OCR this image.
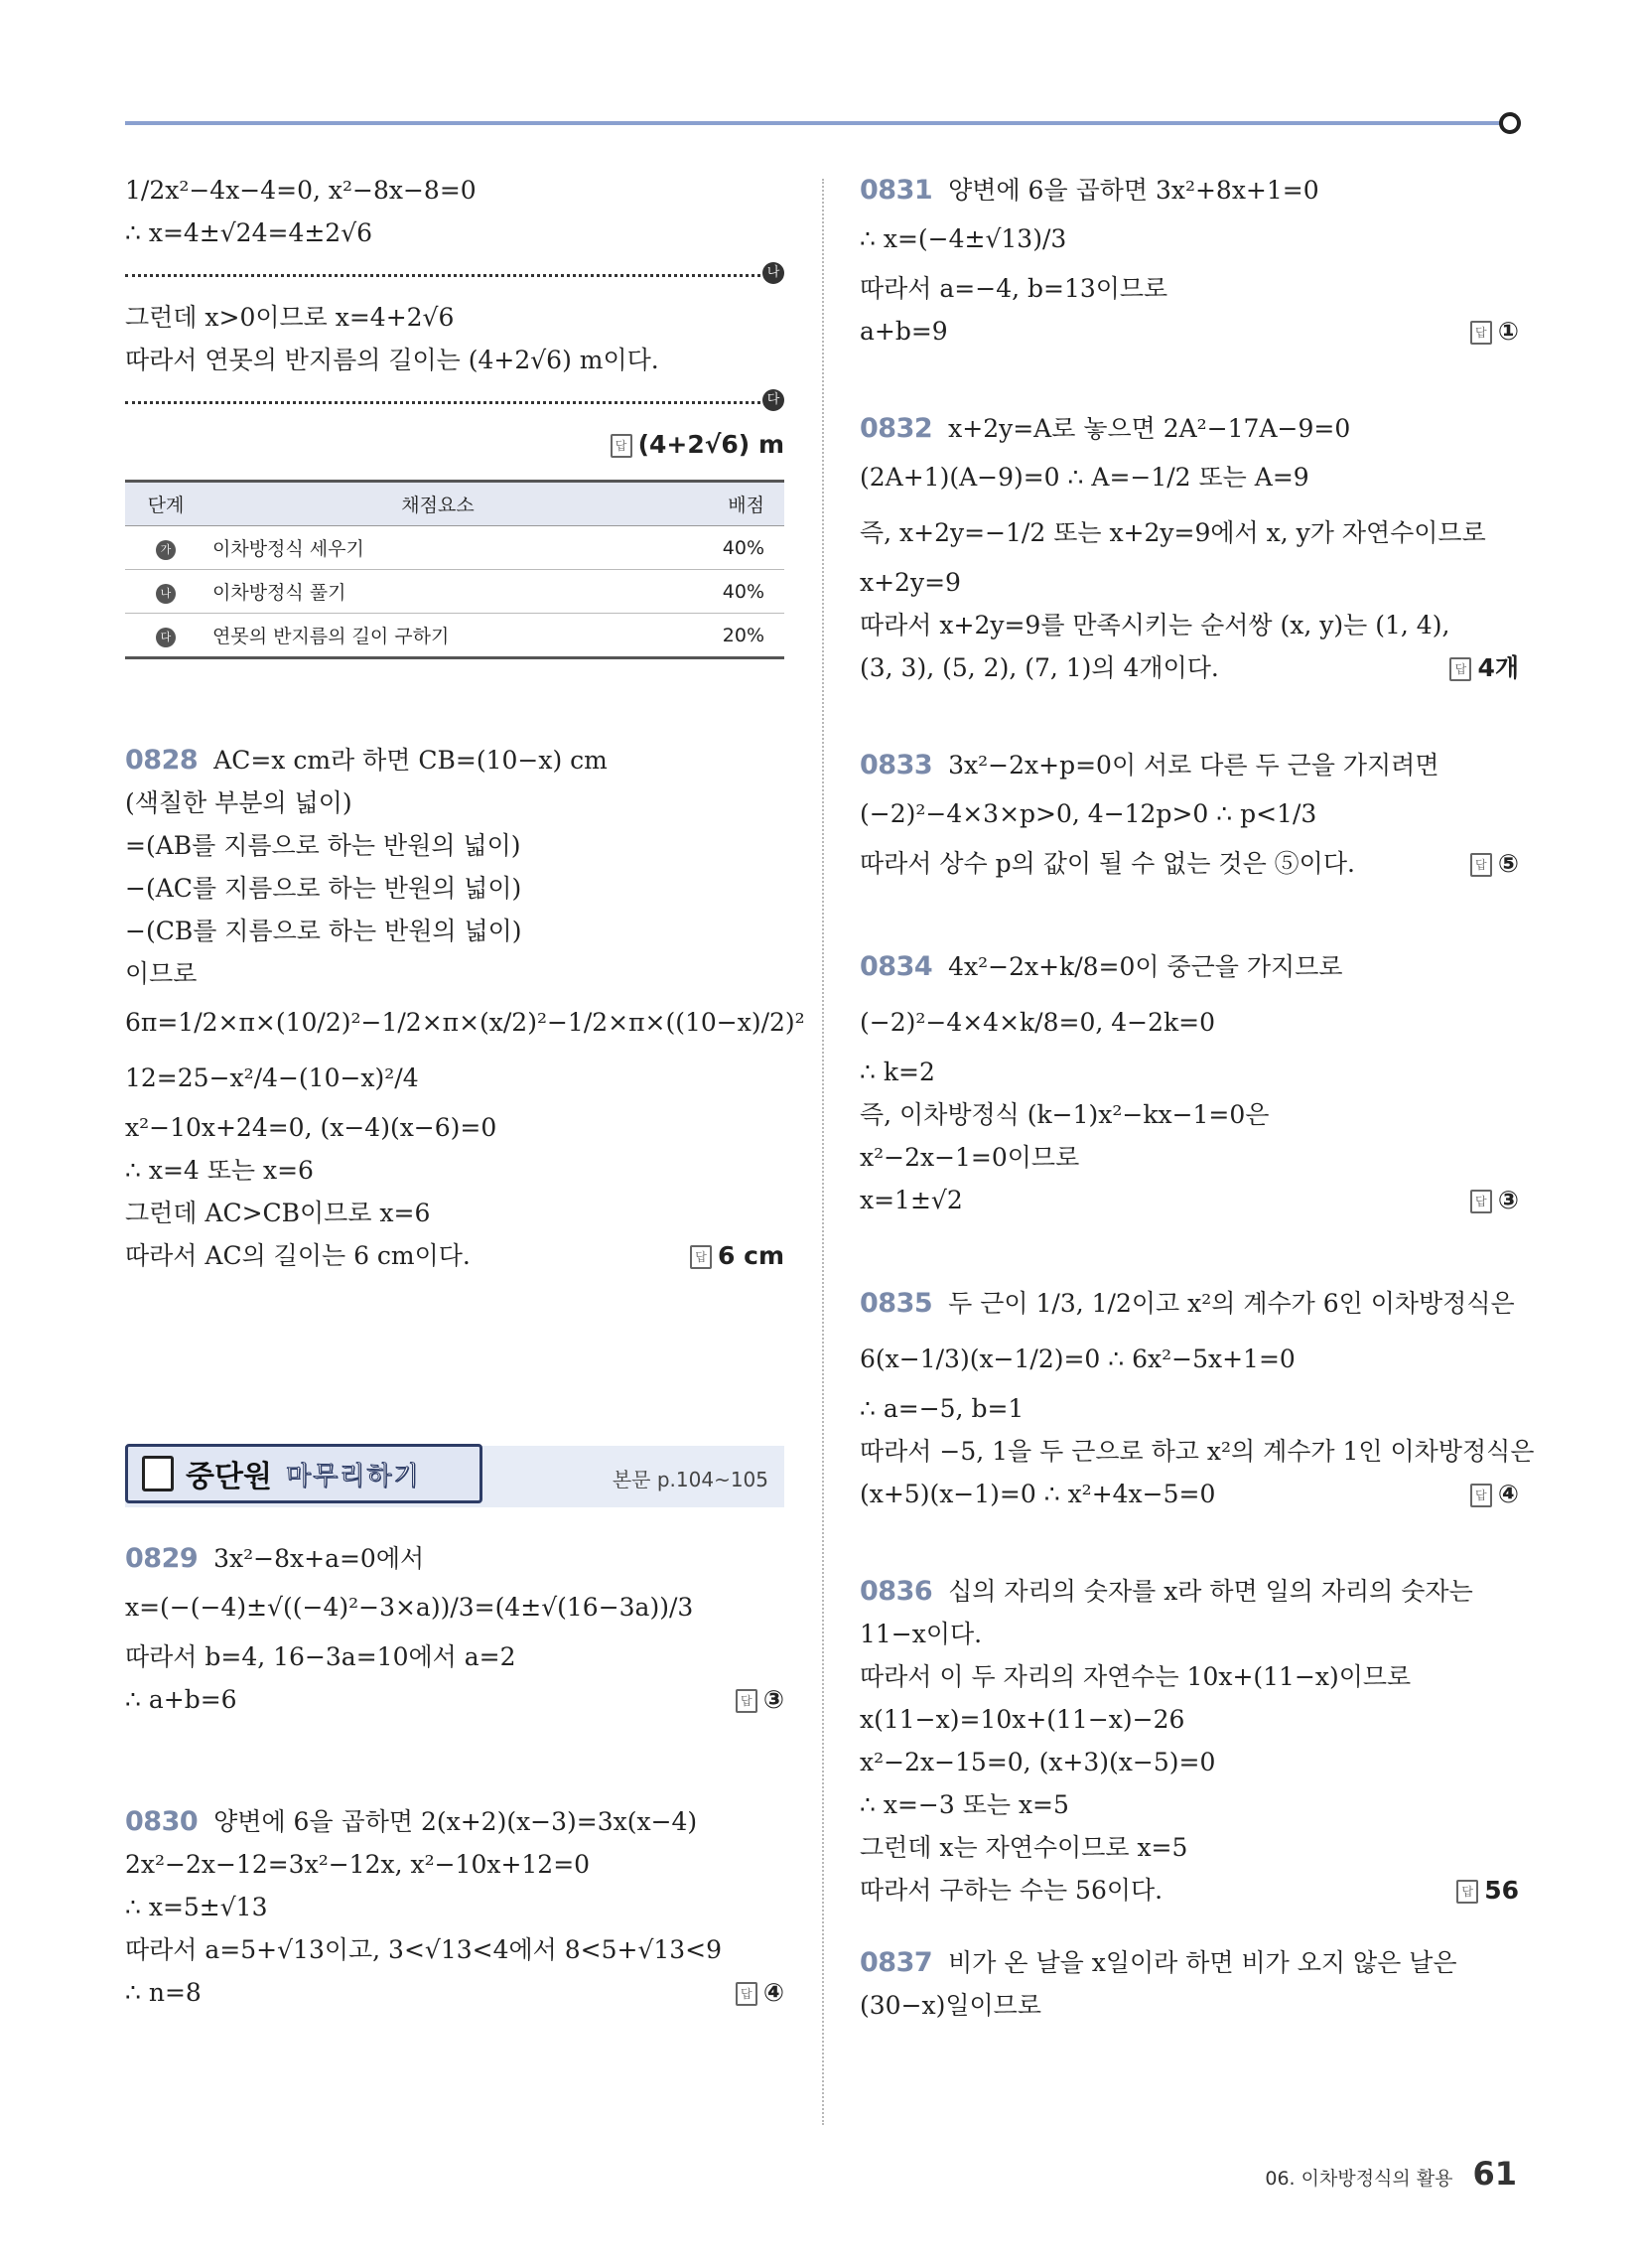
1/2x²−4x−4=0, x²−8x−8=0
∴ x=4±√24=4±2√6
나
그런데 x>0이므로 x=4+2√6
따라서 연못의 반지름의 길이는 (4+2√6) m이다.
다
답 (4+2√6) m

단계	채점요소	배점
가	이차방정식 세우기	40%
나	이차방정식 풀기	40%
다	연못의 반지름의 길이 구하기	20%
0828 AC=x cm라 하면 CB=(10−x) cm
(색칠한 부분의 넓이)
=(AB를 지름으로 하는 반원의 넓이)
−(AC를 지름으로 하는 반원의 넓이)
−(CB를 지름으로 하는 반원의 넓이)
이므로
6π=1/2×π×(10/2)²−1/2×π×(x/2)²−1/2×π×((10−x)/2)²
12=25−x²/4−(10−x)²/4
x²−10x+24=0, (x−4)(x−6)=0
∴ x=4 또는 x=6
그런데 AC>CB이므로 x=6
따라서 AC의 길이는 6 cm이다.	답 6 cm
중단원 마무리하기	본문 p.104~105
0829 3x²−8x+a=0에서
x=(−(−4)±√((−4)²−3×a))/3=(4±√(16−3a))/3
따라서 b=4, 16−3a=10에서 a=2
∴ a+b=6	답 ③
0830 양변에 6을 곱하면 2(x+2)(x−3)=3x(x−4)
2x²−2x−12=3x²−12x, x²−10x+12=0
∴ x=5±√13
따라서 a=5+√13이고, 3<√13<4에서 8<5+√13<9
∴ n=8	답 ④
0831 양변에 6을 곱하면 3x²+8x+1=0
∴ x=(−4±√13)/3
따라서 a=−4, b=13이므로
a+b=9	답 ①
0832 x+2y=A로 놓으면 2A²−17A−9=0
(2A+1)(A−9)=0 ∴ A=−1/2 또는 A=9
즉, x+2y=−1/2 또는 x+2y=9에서 x, y가 자연수이므로
x+2y=9
따라서 x+2y=9를 만족시키는 순서쌍 (x, y)는 (1, 4),
(3, 3), (5, 2), (7, 1)의 4개이다.	답 4개
0833 3x²−2x+p=0이 서로 다른 두 근을 가지려면
(−2)²−4×3×p>0, 4−12p>0 ∴ p<1/3
따라서 상수 p의 값이 될 수 없는 것은 ⑤이다.	답 ⑤
0834 4x²−2x+k/8=0이 중근을 가지므로
(−2)²−4×4×k/8=0, 4−2k=0
∴ k=2
즉, 이차방정식 (k−1)x²−kx−1=0은
x²−2x−1=0이므로
x=1±√2	답 ③
0835 두 근이 1/3, 1/2이고 x²의 계수가 6인 이차방정식은
6(x−1/3)(x−1/2)=0 ∴ 6x²−5x+1=0
∴ a=−5, b=1
따라서 −5, 1을 두 근으로 하고 x²의 계수가 1인 이차방정식은
(x+5)(x−1)=0 ∴ x²+4x−5=0	답 ④
0836 십의 자리의 숫자를 x라 하면 일의 자리의 숫자는
11−x이다.
따라서 이 두 자리의 자연수는 10x+(11−x)이므로
x(11−x)=10x+(11−x)−26
x²−2x−15=0, (x+3)(x−5)=0
∴ x=−3 또는 x=5
그런데 x는 자연수이므로 x=5
따라서 구하는 수는 56이다.	답 56
0837 비가 온 날을 x일이라 하면 비가 오지 않은 날은
(30−x)일이므로
06. 이차방정식의 활용 61
